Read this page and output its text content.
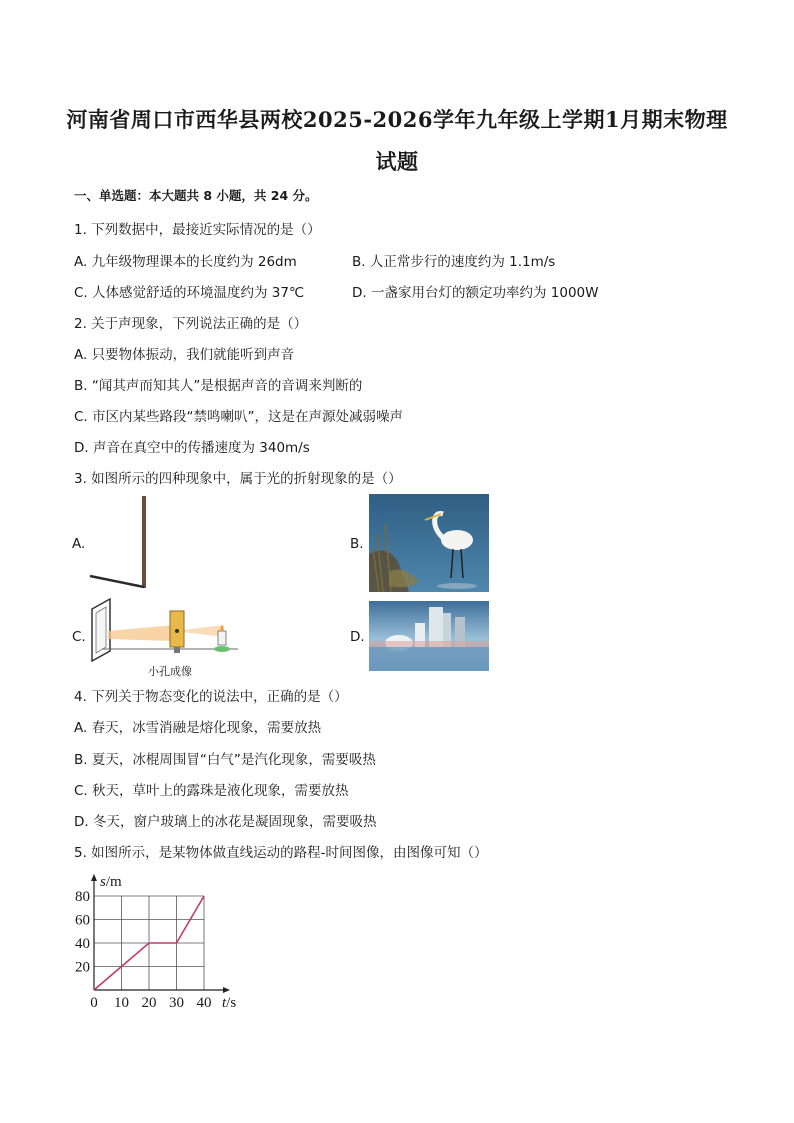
河南省周口市西华县两校2025-2026学年九年级上学期1月期末物理
试题
一、单选题：本大题共 8 小题，共 24 分。
1. 下列数据中，最接近实际情况的是（）
A. 九年级物理课本的长度约为 26dm	B. 人正常步行的速度约为 1.1m/s
C. 人体感觉舒适的环境温度约为 37℃	D. 一盏家用台灯的额定功率约为 1000W
2. 关于声现象，下列说法正确的是（）
A. 只要物体振动，我们就能听到声音
B. “闻其声而知其人”是根据声音的音调来判断的
C. 市区内某些路段“禁鸣喇叭”，这是在声源处减弱噪声
D. 声音在真空中的传播速度为 340m/s
3. 如图所示的四种现象中，属于光的折射现象的是（）
A.	B.
C.
小孔成像
D.
4. 下列关于物态变化的说法中，正确的是（）
A. 春天，冰雪消融是熔化现象，需要放热
B. 夏天，冰棍周围冒“白气”是汽化现象，需要吸热
C. 秋天，草叶上的露珠是液化现象，需要放热
D. 冬天，窗户玻璃上的冰花是凝固现象，需要吸热
5. 如图所示，是某物体做直线运动的路程-时间图像，由图像可知（）
0 10 20 30 40
20
40
60
80
s/m
t/s
